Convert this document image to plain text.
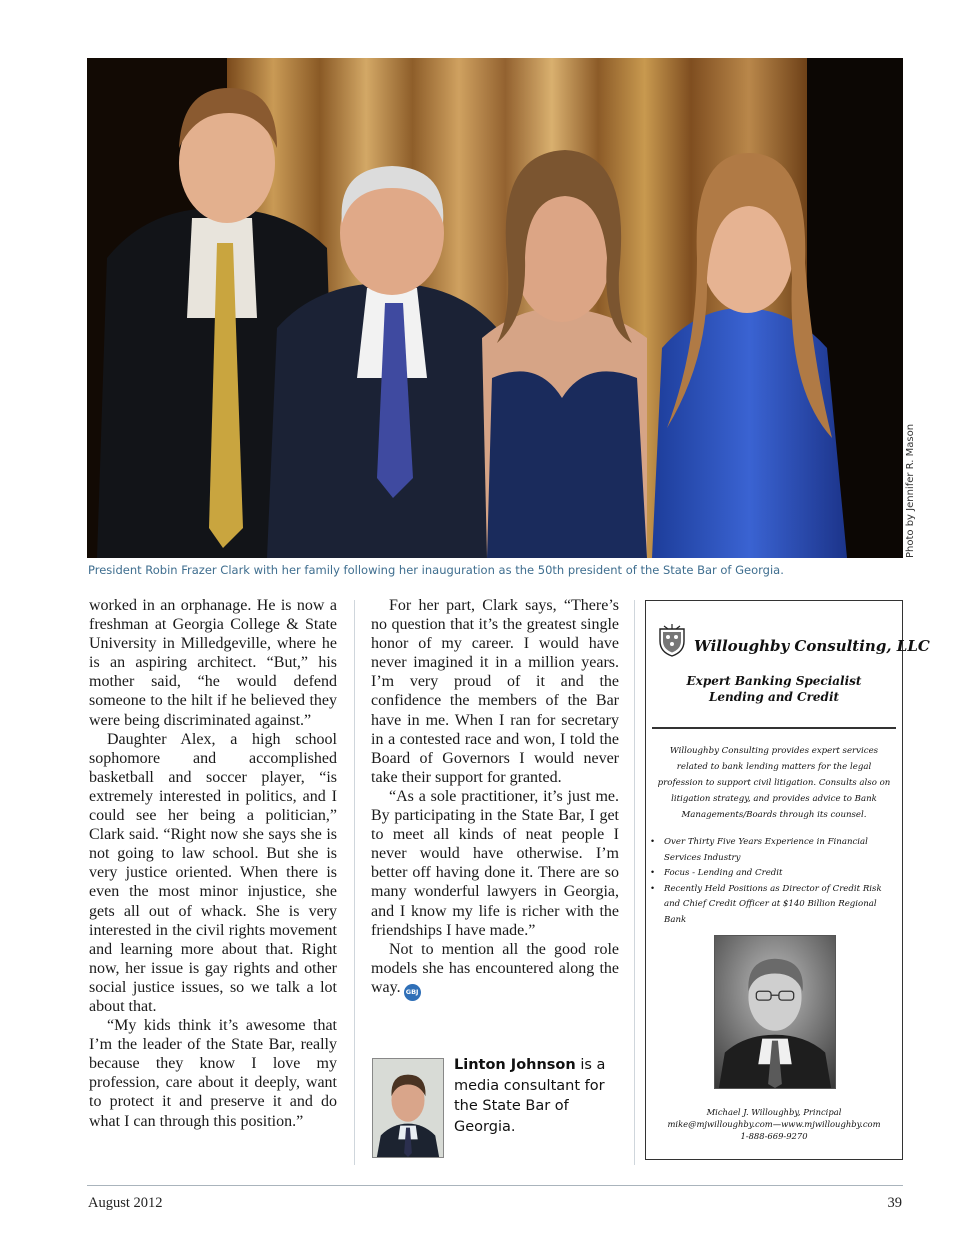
Photo by Jennifer R. Mason
President Robin Frazer Clark with her family following her inauguration as the 50th president of the State Bar of Georgia.

worked in an orphanage. He is now a freshman at Georgia College & State University in Milledgeville, where he is an aspiring architect. “But,” his mother said, “he would defend someone to the hilt if he believed they were being discriminated against.”

Daughter Alex, a high school sophomore and accomplished basketball and soccer player, “is extremely interested in politics, and I could see her being a politician,” Clark said. “Right now she says she is not going to law school. But she is very justice oriented. When there is even the most minor injustice, she gets all out of whack. She is very interested in the civil rights movement and learning more about that. Right now, her issue is gay rights and other social justice issues, so we talk a lot about that.

“My kids think it’s awesome that I’m the leader of the State Bar, really because they know I love my profession, care about it deeply, want to protect it and preserve it and do what I can through this position.”

For her part, Clark says, “There’s no question that it’s the greatest single honor of my career. I would have never imagined it in a million years. I’m very proud of it and the confidence the members of the Bar have in me. When I ran for secretary in a contested race and won, I told the Board of Governors I would never take their support for granted.

“As a sole practitioner, it’s just me. By participating in the State Bar, I get to meet all kinds of neat people I never would have otherwise. I’m better off having done it. There are so many wonderful lawyers in Georgia, and I know my life is richer with the friendships I have made.”

Not to mention all the good role models she has encountered along the way. GBJ

Linton Johnson is a media consultant for the State Bar of Georgia.
Willoughby Consulting, LLC
Expert Banking Specialist
Lending and Credit
Willoughby Consulting provides expert services related to bank lending matters for the legal profession to support civil litigation. Consults also on litigation strategy, and provides advice to Bank Managements/Boards through its counsel.
• Over Thirty Five Years Experience in Financial Services Industry
• Focus - Lending and Credit
• Recently Held Positions as Director of Credit Risk and Chief Credit Officer at $140 Billion Regional Bank
Michael J. Willoughby, Principal
mike@mjwilloughby.com—www.mjwilloughby.com
1-888-669-9270
August 2012	39
